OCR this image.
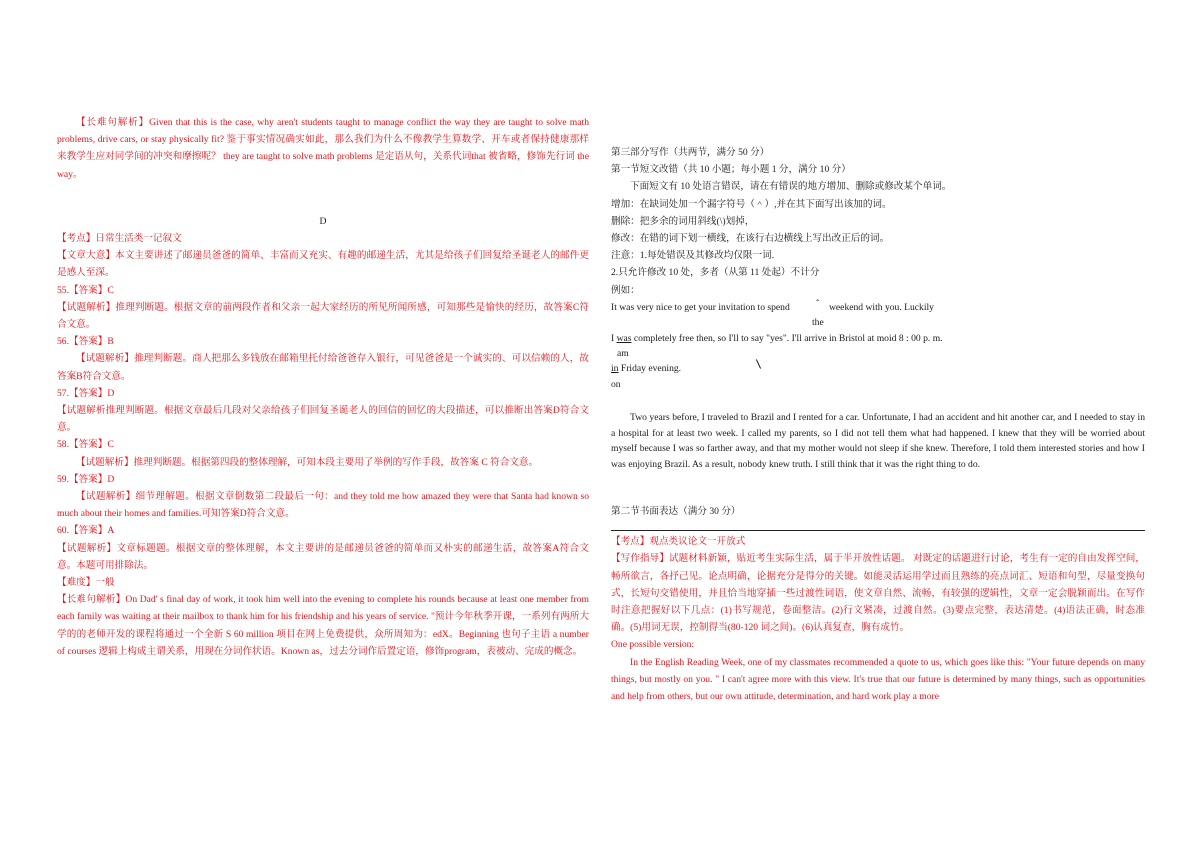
【长难句解析】Given that this is the case, why aren't students taught to manage conflict the way they are taught to solve math problems, drive cars, or stay physically fit? 鉴于事实情况确实如此，那么我们为什么不像教学生算数学、开车或者保持健康那样来教学生应对同学间的冲突和摩擦呢？ they are taught to solve math problems 是定语从句，关系代词that 被省略，修饰先行词 the way。

D

【考点】日常生活类一记叙文

【文章大意】本文主要讲述了邮递员爸爸的简单、丰富而又充实、有趣的邮递生活，尤其是给孩子们回复给圣诞老人的邮件更是感人至深。

55.【答案】C

【试题解析】推理判断题。根据文章的前两段作者和父亲一起大家经历的所见所闻所感，可知那些是愉快的经历，故答案C符合文意。

56.【答案】B

【试题解析】推理判断题。商人把那么多钱放在邮箱里托付给爸爸存入银行，可见爸爸是一个诚实的、可以信赖的人，故答案B符合文意。

57.【答案】D

【试题解析推理判断题。根据文章最后几段对父亲给孩子们回复圣诞老人的回信的回忆的大段描述，可以推断出答案D符合文意。

58.【答案】C

【试题解析】推理判断题。根据第四段的整体理解，可知本段主要用了举例的写作手段，故答案 C 符合文意。

59.【答案】D

【试题解析】细节理解题。根据文章倒数第二段最后一句：and they told me how amazed they were that Santa had known so much about their homes and families.可知答案D符合文意。

60.【答案】A

【试题解析】文章标题题。根据文章的整体理解，本文主要讲的是邮递员爸爸的简单而又朴实的邮递生活，故答案A符合文意。本题可用排除法。

【难度】一般

【长难句解析】On Dad' s final day of work, it took him well into the evening to complete his rounds because at least one member from each family was waiting at their mailbox to thank him for his friendship and his years of service. "预计今年秋季开课，一系列有两所大学的的老师开发的课程将通过一个全新 S 60 million 项目在网上免费提供，众所周知为：edX。Beginning 也句子主语 a number of courses 逻辑上构成主谓关系，用现在分词作状语。Known as，过去分词作后置定语，修饰program，表被动、完成的概念。

第三部分写作（共两节，满分 50 分）

第一节短文改错（共 10 小题；每小题 1 分，满分 10 分）

下面短文有 10 处语言错误，请在有错误的地方增加、删除或修改某个单词。

增加：在缺词处加一个漏字符号（＾）,并在其下面写出该加的词。

删除：把多余的词用斜线(\)划掉，

修改：在错的词下划一横线，在该行右边横线上写出改正后的词。

注意：1.每处错误及其修改均仅限一词.

2.只允许修改 10 处，多者（从第 11 处起）不计分

例如：

It was very nice to get your invitation to spend	ˆ weekend with you. Luckily
the
I was completely free then, so I'll to say "yes". I'll arrive in Bristol at moid 8 : 00 p. m.
am
in Friday evening.
on

Two years before, I traveled to Brazil and I rented for a car. Unfortunate, I had an accident and hit another car, and I needed to stay in a hospital for at least two week. I called my parents, so I did not tell them what had happened. I knew that they will be worried about myself because I was so farther away, and that my mother would not sleep if she knew. Therefore, I told them interested stories and how I was enjoying Brazil. As a result, nobody knew truth. I still think that it was the right thing to do.

第二节书面表达（满分 30 分）

【考点】观点类议论文一开放式

【写作指导】试题材料新颖，贴近考生实际生活，属于半开放性话题。 对既定的话题进行讨论，考生有一定的自由发挥空间，畅所欲言，各抒己见。论点明确，论据充分是得分的关键。如能灵活运用学过而且熟练的亮点词汇、短语和句型，尽量变换句式，长短句交错使用，并且恰当地穿插一些过渡性词语，使文章自然、流畅，有较强的逻辑性，文章一定会脱颖而出。在写作时注意把握好以下几点：(1)书写规范，卷面整洁。(2)行文紧凑，过渡自然。(3)要点完整，表达清楚。(4)语法正确，时态准确。(5)用词无误，控制得当(80-120 词之间)。(6)认真复查，胸有成竹。

One possible version:

In the English Reading Week, one of my classmates recommended a quote to us, which goes like this: "Your future depends on many things, but mostly on you. " I can't agree more with this view. It's true that our future is determined by many things, such as opportunities and help from others, but our own attitude, determination, and hard work play a more
